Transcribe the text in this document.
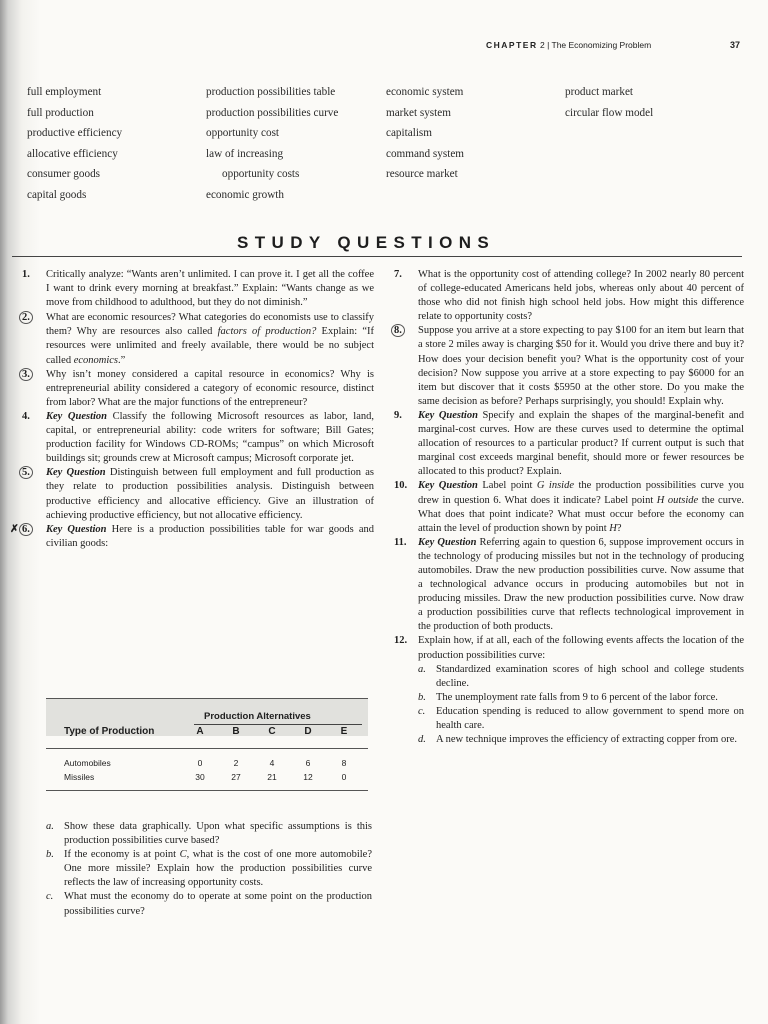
CHAPTER 2 | The Economizing Problem	37
full employment
full production
productive efficiency
allocative efficiency
consumer goods
capital goods
production possibilities table
production possibilities curve
opportunity cost
law of increasing
opportunity costs
economic growth
economic system
market system
capitalism
command system
resource market
product market
circular flow model
STUDY QUESTIONS
1.	Critically analyze: “Wants aren’t unlimited. I can prove it. I get all the coffee I want to drink every morning at breakfast.” Explain: “Wants change as we move from childhood to adulthood, but they do not diminish.”
2.	What are economic resources? What categories do economists use to classify them? Why are resources also called factors of production? Explain: “If resources were unlimited and freely available, there would be no subject called economics.”
3.	Why isn’t money considered a capital resource in economics? Why is entrepreneurial ability considered a category of economic resource, distinct from labor? What are the major functions of the entrepreneur?
4.	Key Question Classify the following Microsoft resources as labor, land, capital, or entrepreneurial ability: code writers for software; Bill Gates; production facility for Windows CD-ROMs; “campus” on which Microsoft buildings sit; grounds crew at Microsoft campus; Microsoft corporate jet.
5.	Key Question Distinguish between full employment and full production as they relate to production possibilities analysis. Distinguish between productive efficiency and allocative efficiency. Give an illustration of achieving productive efficiency, but not allocative efficiency.
✗ 6.	Key Question Here is a production possibilities table for war goods and civilian goods:
Production Alternatives
Type of Production	A	B	C	D	E
Automobiles	0	2	4	6	8
Missiles	30	27	21	12	0
a. Show these data graphically. Upon what specific assumptions is this production possibilities curve based?
b. If the economy is at point C, what is the cost of one more automobile? One more missile? Explain how the production possibilities curve reflects the law of increasing opportunity costs.
c. What must the economy do to operate at some point on the production possibilities curve?
7.	What is the opportunity cost of attending college? In 2002 nearly 80 percent of college-educated Americans held jobs, whereas only about 40 percent of those who did not finish high school held jobs. How might this difference relate to opportunity costs?
8.	Suppose you arrive at a store expecting to pay $100 for an item but learn that a store 2 miles away is charging $50 for it. Would you drive there and buy it? How does your decision benefit you? What is the opportunity cost of your decision? Now suppose you arrive at a store expecting to pay $6000 for an item but discover that it costs $5950 at the other store. Do you make the same decision as before? Perhaps surprisingly, you should! Explain why.
9.	Key Question Specify and explain the shapes of the marginal-benefit and marginal-cost curves. How are these curves used to determine the optimal allocation of resources to a particular product? If current output is such that marginal cost exceeds marginal benefit, should more or fewer resources be allocated to this product? Explain.
10.	Key Question Label point G inside the production possibilities curve you drew in question 6. What does it indicate? Label point H outside the curve. What does that point indicate? What must occur before the economy can attain the level of production shown by point H?
11.	Key Question Referring again to question 6, suppose improvement occurs in the technology of producing missiles but not in the technology of producing automobiles. Draw the new production possibilities curve. Now assume that a technological advance occurs in producing automobiles but not in producing missiles. Draw the new production possibilities curve. Now draw a production possibilities curve that reflects technological improvement in the production of both products.
12.	Explain how, if at all, each of the following events affects the location of the production possibilities curve:
a. Standardized examination scores of high school and college students decline.
b. The unemployment rate falls from 9 to 6 percent of the labor force.
c. Education spending is reduced to allow government to spend more on health care.
d. A new technique improves the efficiency of extracting copper from ore.
